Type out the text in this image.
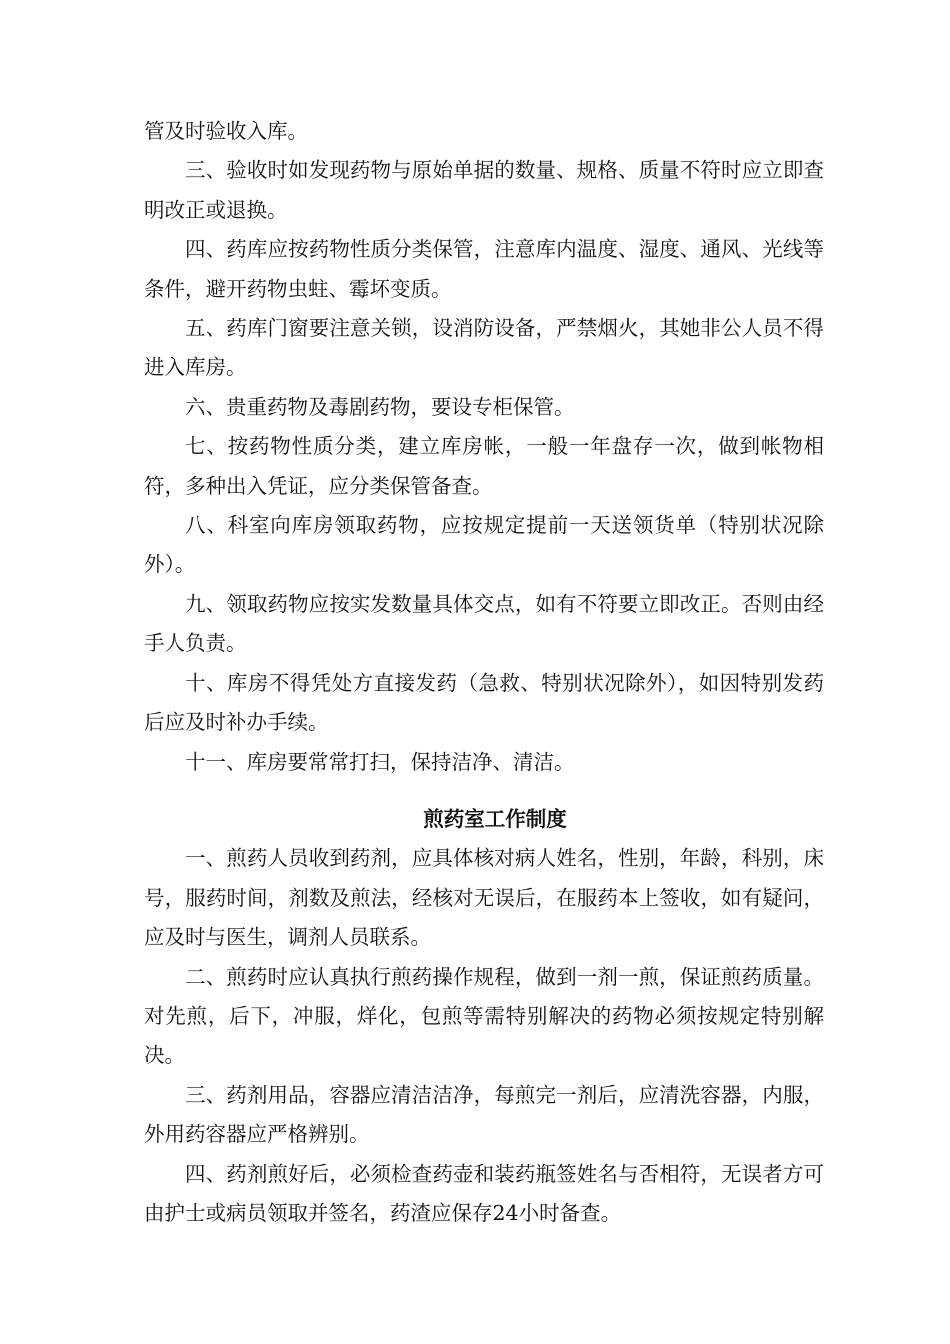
管及时验收入库。

三、验收时如发现药物与原始单据的数量、规格、质量不符时应立即查明改正或退换。

四、药库应按药物性质分类保管，注意库内温度、湿度、通风、光线等条件，避开药物虫蛀、霉坏变质。

五、药库门窗要注意关锁，设消防设备，严禁烟火，其她非公人员不得进入库房。

六、贵重药物及毒剧药物，要设专柜保管。

七、按药物性质分类，建立库房帐，一般一年盘存一次，做到帐物相符，多种出入凭证，应分类保管备查。

八、科室向库房领取药物，应按规定提前一天送领货单（特别状况除外）。

九、领取药物应按实发数量具体交点，如有不符要立即改正。否则由经手人负责。

十、库房不得凭处方直接发药（急救、特别状况除外），如因特别发药后应及时补办手续。

十一、库房要常常打扫，保持洁净、清洁。

煎药室工作制度

一、煎药人员收到药剂，应具体核对病人姓名，性别，年龄，科别，床号，服药时间，剂数及煎法，经核对无误后，在服药本上签收，如有疑问，应及时与医生，调剂人员联系。

二、煎药时应认真执行煎药操作规程，做到一剂一煎，保证煎药质量。对先煎，后下，冲服，烊化，包煎等需特别解决的药物必须按规定特别解决。

三、药剂用品，容器应清洁洁净，每煎完一剂后，应清洗容器，内服，外用药容器应严格辨别。

四、药剂煎好后，必须检查药壶和装药瓶签姓名与否相符，无误者方可由护士或病员领取并签名，药渣应保存24小时备查。
